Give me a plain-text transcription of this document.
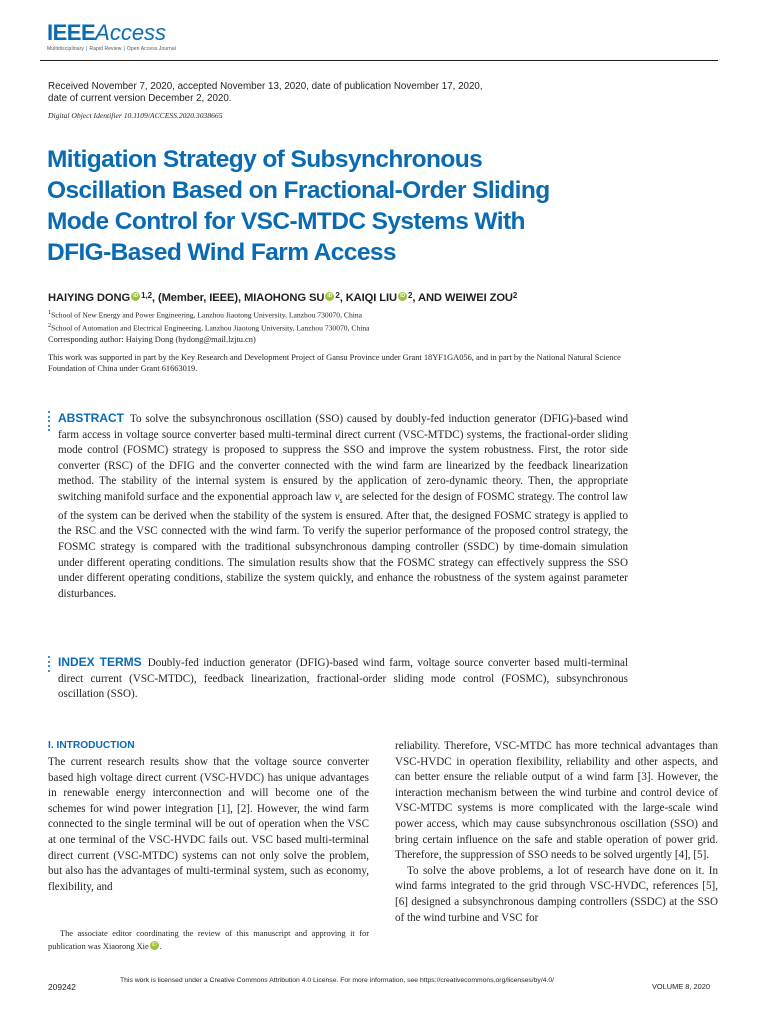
IEEEAccess
Multidisciplinary | Rapid Review | Open Access Journal
Received November 7, 2020, accepted November 13, 2020, date of publication November 17, 2020,
date of current version December 2, 2020.
Digital Object Identifier 10.1109/ACCESS.2020.3038665
Mitigation Strategy of Subsynchronous
Oscillation Based on Fractional-Order Sliding
Mode Control for VSC-MTDC Systems With
DFIG-Based Wind Farm Access
HAIYING DONG iD $^{1,2}$, (Member, IEEE), MIAOHONG SU iD $^2$, KAIQI LIU iD $^2$, AND WEIWEI ZOU$^2$
$^1$School of New Energy and Power Engineering, Lanzhou Jiaotong University, Lanzhou 730070, China
$^2$School of Automation and Electrical Engineering, Lanzhou Jiaotong University, Lanzhou 730070, China
Corresponding author: Haiying Dong (hydong@mail.lzjtu.cn)
This work was supported in part by the Key Research and Development Project of Gansu Province under Grant 18YF1GA056, and in part by the National Natural Science Foundation of China under Grant 61663019.
ABSTRACT To solve the subsynchronous oscillation (SSO) caused by doubly-fed induction generator (DFIG)-based wind farm access in voltage source converter based multi-terminal direct current (VSC-MTDC) systems, the fractional-order sliding mode control (FOSMC) strategy is proposed to suppress the SSO and improve the system robustness. First, the rotor side converter (RSC) of the DFIG and the converter connected with the wind farm are linearized by the feedback linearization method. The stability of the internal system is ensured by the application of zero-dynamic theory. Then, the appropriate switching manifold surface and the exponential approach law $v_s$ are selected for the design of FOSMC strategy. The control law of the system can be derived when the stability of the system is ensured. After that, the designed FOSMC strategy is applied to the RSC and the VSC connected with the wind farm. To verify the superior performance of the proposed control strategy, the FOSMC strategy is compared with the traditional subsynchronous damping controller (SSDC) by time-domain simulation under different operating conditions. The simulation results show that the FOSMC strategy can effectively suppress the SSO under different operating conditions, stabilize the system quickly, and enhance the robustness of the system against parameter disturbances.
INDEX TERMS Doubly-fed induction generator (DFIG)-based wind farm, voltage source converter based multi-terminal direct current (VSC-MTDC), feedback linearization, fractional-order sliding mode control (FOSMC), subsynchronous oscillation (SSO).
I. INTRODUCTION

The current research results show that the voltage source converter based high voltage direct current (VSC-HVDC) has unique advantages in renewable energy interconnection and will become one of the schemes for wind power integration [1], [2]. However, the wind farm connected to the single terminal will be out of operation when the VSC at one terminal of the VSC-HVDC fails out. VSC based multi-terminal direct current (VSC-MTDC) systems can not only solve the problem, but also has the advantages of multi-terminal system, such as economy, flexibility, and

reliability. Therefore, VSC-MTDC has more technical advantages than VSC-HVDC in operation flexibility, reliability and other aspects, and can better ensure the reliable output of a wind farm [3]. However, the interaction mechanism between the wind turbine and control device of VSC-MTDC systems is more complicated with the large-scale wind power access, which may cause subsynchronous oscillation (SSO) and bring certain influence on the safe and stable operation of power grid. Therefore, the suppression of SSO needs to be solved urgently [4], [5].

To solve the above problems, a lot of research have done on it. In wind farms integrated to the grid through VSC-HVDC, references [5], [6] designed a subsynchronous damping controllers (SSDC) at the SSO of the wind turbine and VSC for

The associate editor coordinating the review of this manuscript and approving it for publication was Xiaorong Xie iD .
209242
This work is licensed under a Creative Commons Attribution 4.0 License. For more information, see https://creativecommons.org/licenses/by/4.0/
VOLUME 8, 2020
